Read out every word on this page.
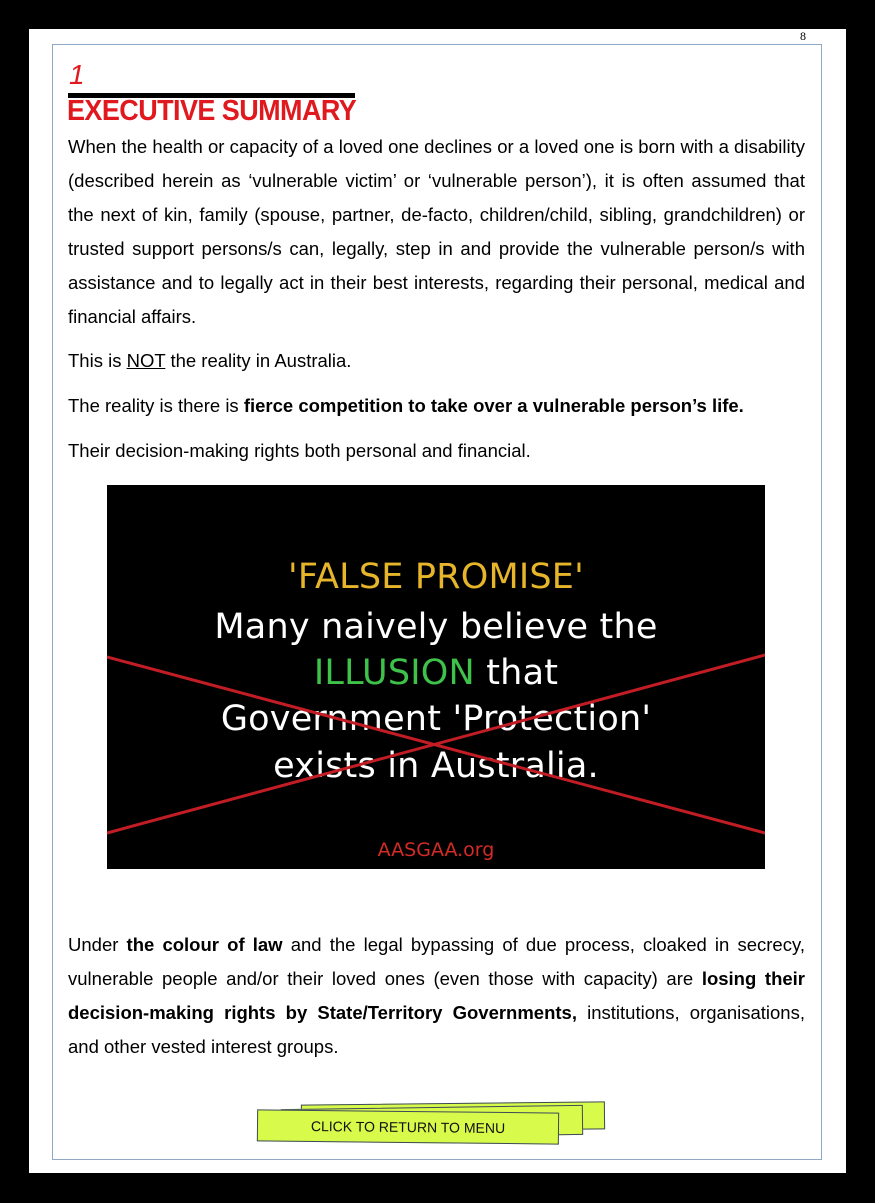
8
1
EXECUTIVE SUMMARY

When the health or capacity of a loved one declines or a loved one is born with a disability (described herein as ‘vulnerable victim’ or ‘vulnerable person’), it is often assumed that the next of kin, family (spouse, partner, de-facto, children/child, sibling, grandchildren) or trusted support persons/s can, legally, step in and provide the vulnerable person/s with assistance and to legally act in their best interests, regarding their personal, medical and financial affairs.

This is NOT the reality in Australia.

The reality is there is fierce competition to take over a vulnerable person’s life.

Their decision-making rights both personal and financial.

'FALSE PROMISE'
Many naively believe the
ILLUSION that
Government 'Protection'
exists in Australia.
AASGAA.org

Under the colour of law and the legal bypassing of due process, cloaked in secrecy, vulnerable people and/or their loved ones (even those with capacity) are losing their decision-making rights by State/Territory Governments, institutions, organisations, and other vested interest groups.

CLICK TO RETURN TO MENU
